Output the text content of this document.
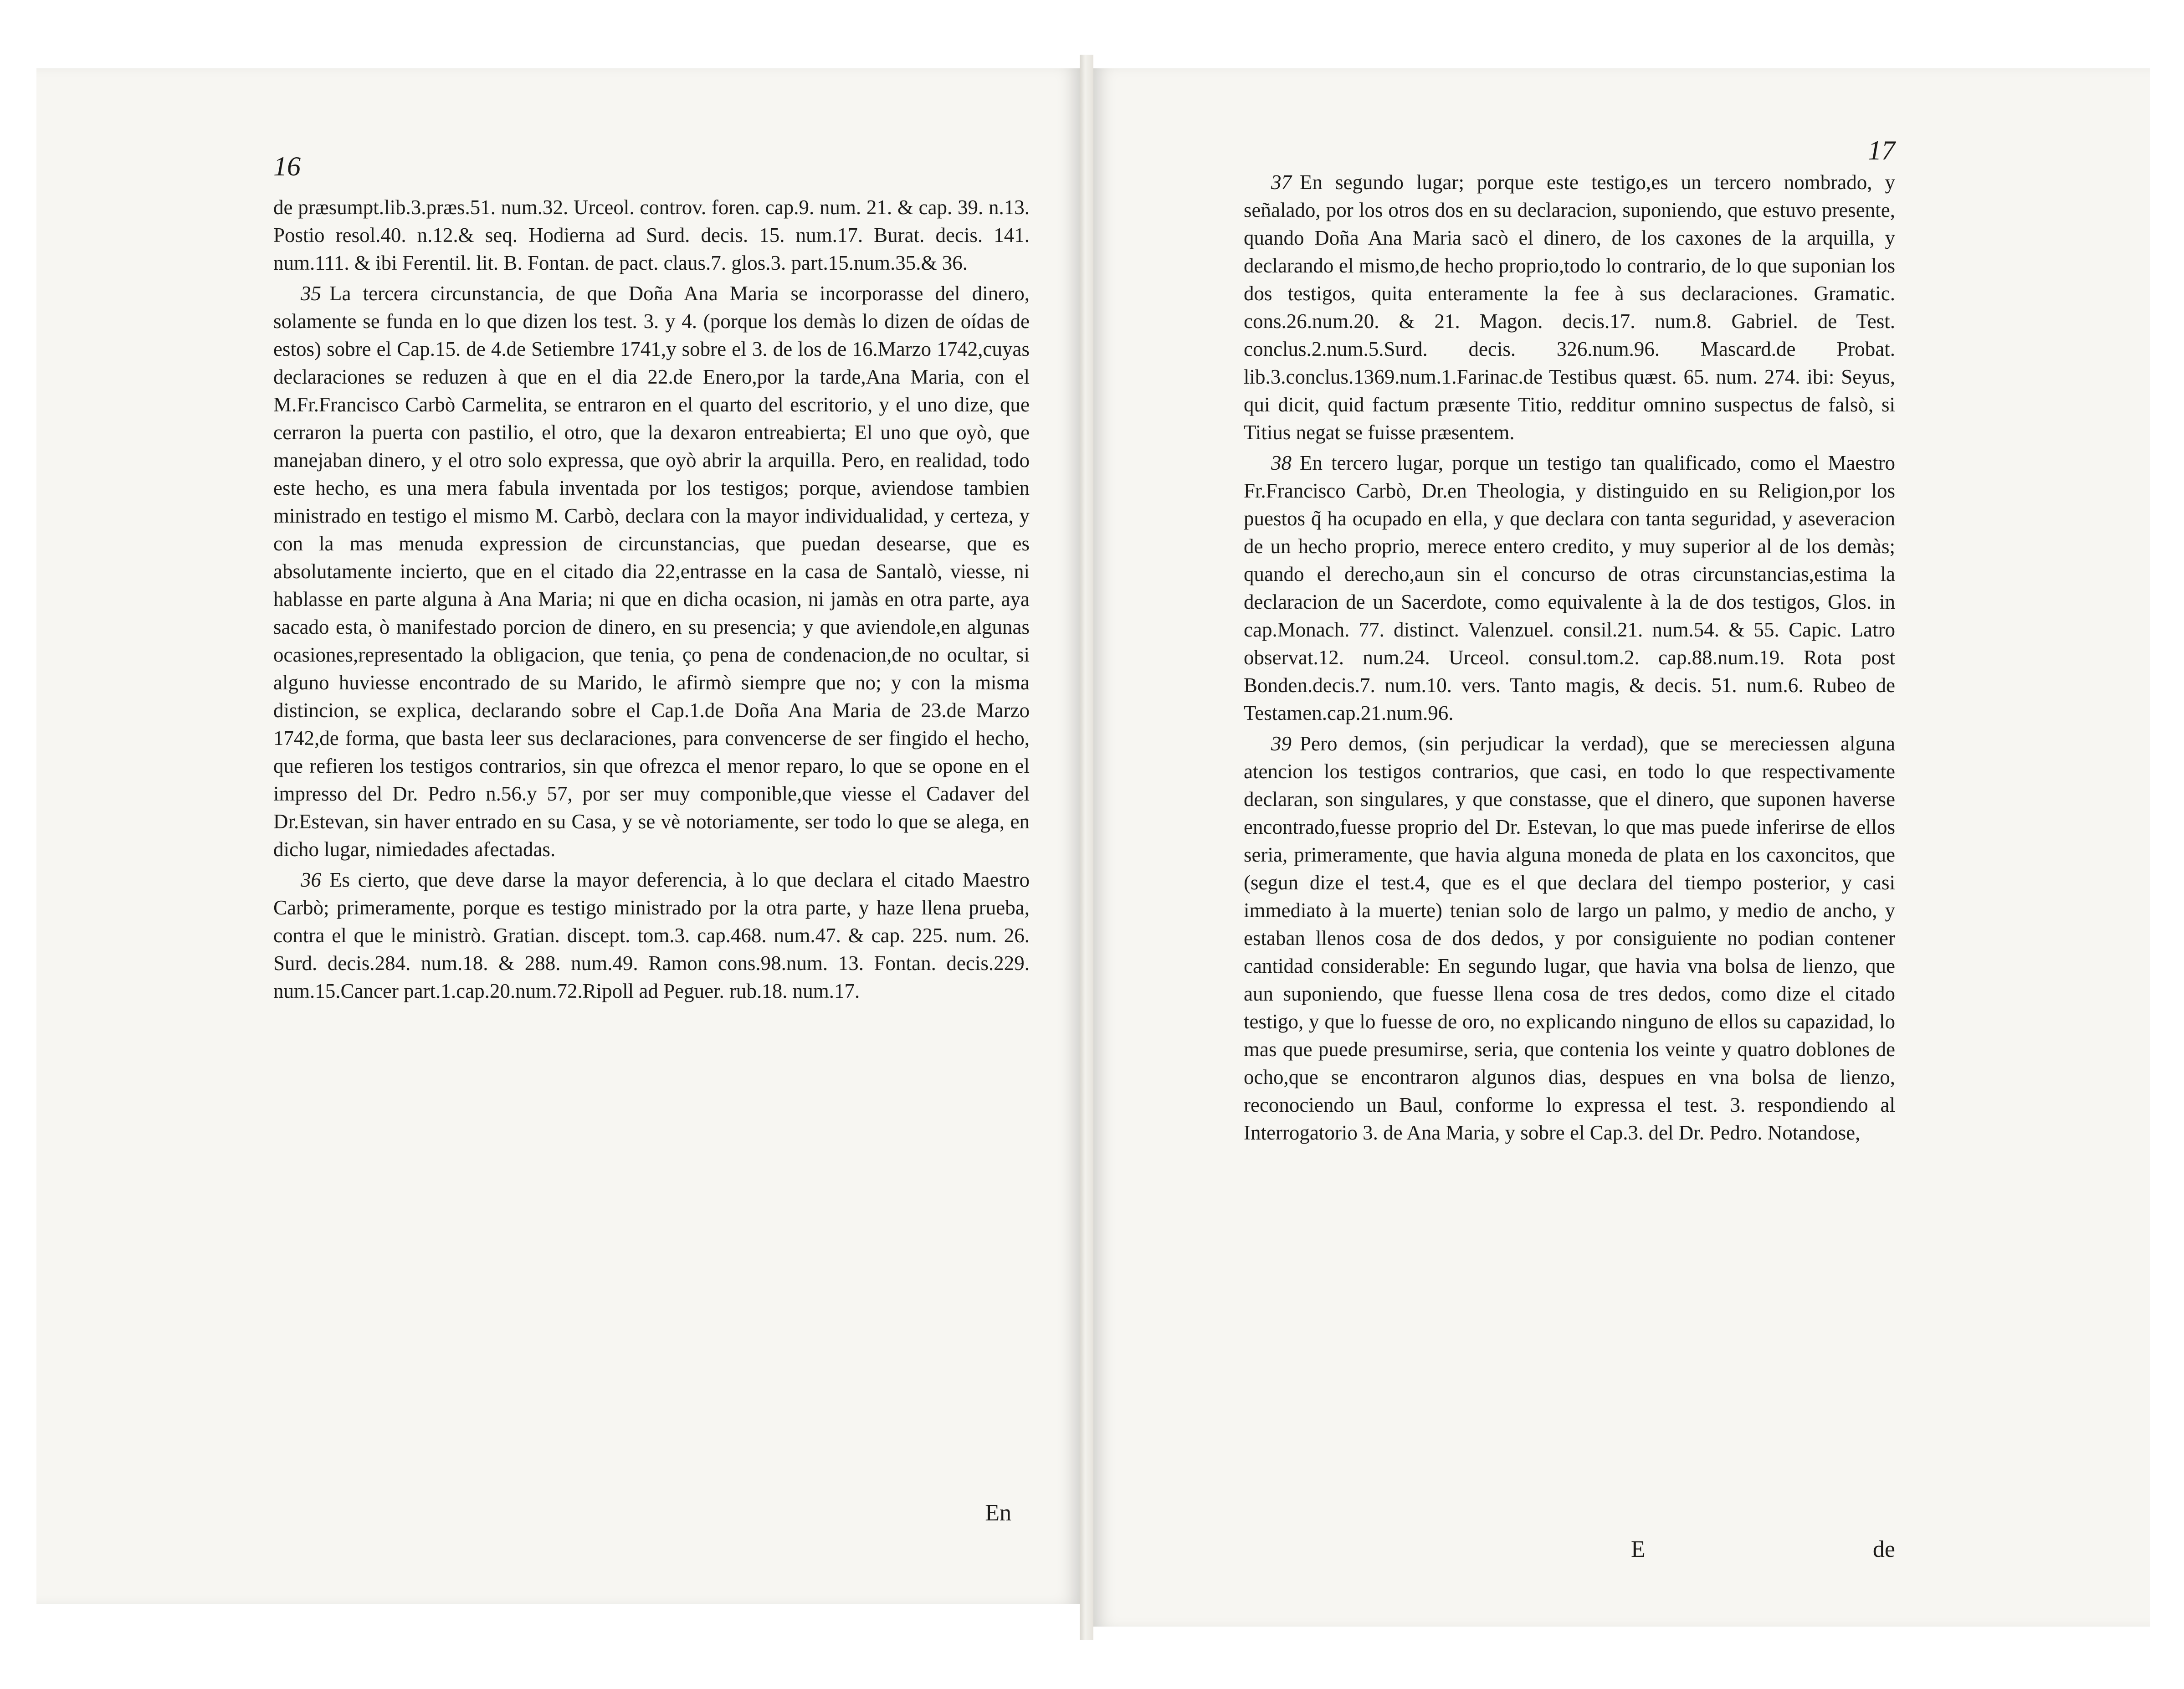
16

de præsumpt.lib.3.præs.51. num.32. Urceol. controv. foren. cap.9. num. 21. & cap. 39. n.13. Postio resol.40. n.12.& seq. Hodierna ad Surd. decis. 15. num.17. Burat. decis. 141. num.111. & ibi Ferentil. lit. B. Fontan. de pact. claus.7. glos.3. part.15.num.35.& 36.

35 La tercera circunstancia, de que Doña Ana Maria se incorporasse del dinero, solamente se funda en lo que dizen los test. 3. y 4. (porque los demàs lo dizen de oídas de estos) sobre el Cap.15. de 4.de Setiembre 1741,y sobre el 3. de los de 16.Marzo 1742,cuyas declaraciones se reduzen à que en el dia 22.de Enero,por la tarde,Ana Maria, con el M.Fr.Francisco Carbò Carmelita, se entraron en el quarto del escritorio, y el uno dize, que cerraron la puerta con pastilio, el otro, que la dexaron entreabierta; El uno que oyò, que manejaban dinero, y el otro solo expressa, que oyò abrir la arquilla. Pero, en realidad, todo este hecho, es una mera fabula inventada por los testigos; porque, aviendose tambien ministrado en testigo el mismo M. Carbò, declara con la mayor individualidad, y certeza, y con la mas menuda expression de circunstancias, que puedan desearse, que es absolutamente incierto, que en el citado dia 22,entrasse en la casa de Santalò, viesse, ni hablasse en parte alguna à Ana Maria; ni que en dicha ocasion, ni jamàs en otra parte, aya sacado esta, ò manifestado porcion de dinero, en su presencia; y que aviendole,en algunas ocasiones,representado la obligacion, que tenia, ço pena de condenacion,de no ocultar, si alguno huviesse encontrado de su Marido, le afirmò siempre que no; y con la misma distincion, se explica, declarando sobre el Cap.1.de Doña Ana Maria de 23.de Marzo 1742,de forma, que basta leer sus declaraciones, para convencerse de ser fingido el hecho, que refieren los testigos contrarios, sin que ofrezca el menor reparo, lo que se opone en el impresso del Dr. Pedro n.56.y 57, por ser muy componible,que viesse el Cadaver del Dr.Estevan, sin haver entrado en su Casa, y se vè notoriamente, ser todo lo que se alega, en dicho lugar, nimiedades afectadas.

36 Es cierto, que deve darse la mayor deferencia, à lo que declara el citado Maestro Carbò; primeramente, porque es testigo ministrado por la otra parte, y haze llena prueba, contra el que le ministrò. Gratian. discept. tom.3. cap.468. num.47. & cap. 225. num. 26. Surd. decis.284. num.18. & 288. num.49. Ramon cons.98.num. 13. Fontan. decis.229. num.15.Cancer part.1.cap.20.num.72.Ripoll ad Peguer. rub.18. num.17.

En
17

37 En segundo lugar; porque este testigo,es un tercero nombrado, y señalado, por los otros dos en su declaracion, suponiendo, que estuvo presente, quando Doña Ana Maria sacò el dinero, de los caxones de la arquilla, y declarando el mismo,de hecho proprio,todo lo contrario, de lo que suponian los dos testigos, quita enteramente la fee à sus declaraciones. Gramatic. cons.26.num.20. & 21. Magon. decis.17. num.8. Gabriel. de Test. conclus.2.num.5.Surd. decis. 326.num.96. Mascard.de Probat. lib.3.conclus.1369.num.1.Farinac.de Testibus quæst. 65. num. 274. ibi: Seyus, qui dicit, quid factum præsente Titio, redditur omnino suspectus de falsò, si Titius negat se fuisse præsentem.

38 En tercero lugar, porque un testigo tan qualificado, como el Maestro Fr.Francisco Carbò, Dr.en Theologia, y distinguido en su Religion,por los puestos q̃ ha ocupado en ella, y que declara con tanta seguridad, y aseveracion de un hecho proprio, merece entero credito, y muy superior al de los demàs; quando el derecho,aun sin el concurso de otras circunstancias,estima la declaracion de un Sacerdote, como equivalente à la de dos testigos, Glos. in cap.Monach. 77. distinct. Valenzuel. consil.21. num.54. & 55. Capic. Latro observat.12. num.24. Urceol. consul.tom.2. cap.88.num.19. Rota post Bonden.decis.7. num.10. vers. Tanto magis, & decis. 51. num.6. Rubeo de Testamen.cap.21.num.96.

39 Pero demos, (sin perjudicar la verdad), que se mereciessen alguna atencion los testigos contrarios, que casi, en todo lo que respectivamente declaran, son singulares, y que constasse, que el dinero, que suponen haverse encontrado,fuesse proprio del Dr. Estevan, lo que mas puede inferirse de ellos seria, primeramente, que havia alguna moneda de plata en los caxoncitos, que (segun dize el test.4, que es el que declara del tiempo posterior, y casi immediato à la muerte) tenian solo de largo un palmo, y medio de ancho, y estaban llenos cosa de dos dedos, y por consiguiente no podian contener cantidad considerable: En segundo lugar, que havia vna bolsa de lienzo, que aun suponiendo, que fuesse llena cosa de tres dedos, como dize el citado testigo, y que lo fuesse de oro, no explicando ninguno de ellos su capazidad, lo mas que puede presumirse, seria, que contenia los veinte y quatro doblones de ocho,que se encontraron algunos dias, despues en vna bolsa de lienzo, reconociendo un Baul, conforme lo expressa el test. 3. respondiendo al Interrogatorio 3. de Ana Maria, y sobre el Cap.3. del Dr. Pedro. Notandose,

E	de
